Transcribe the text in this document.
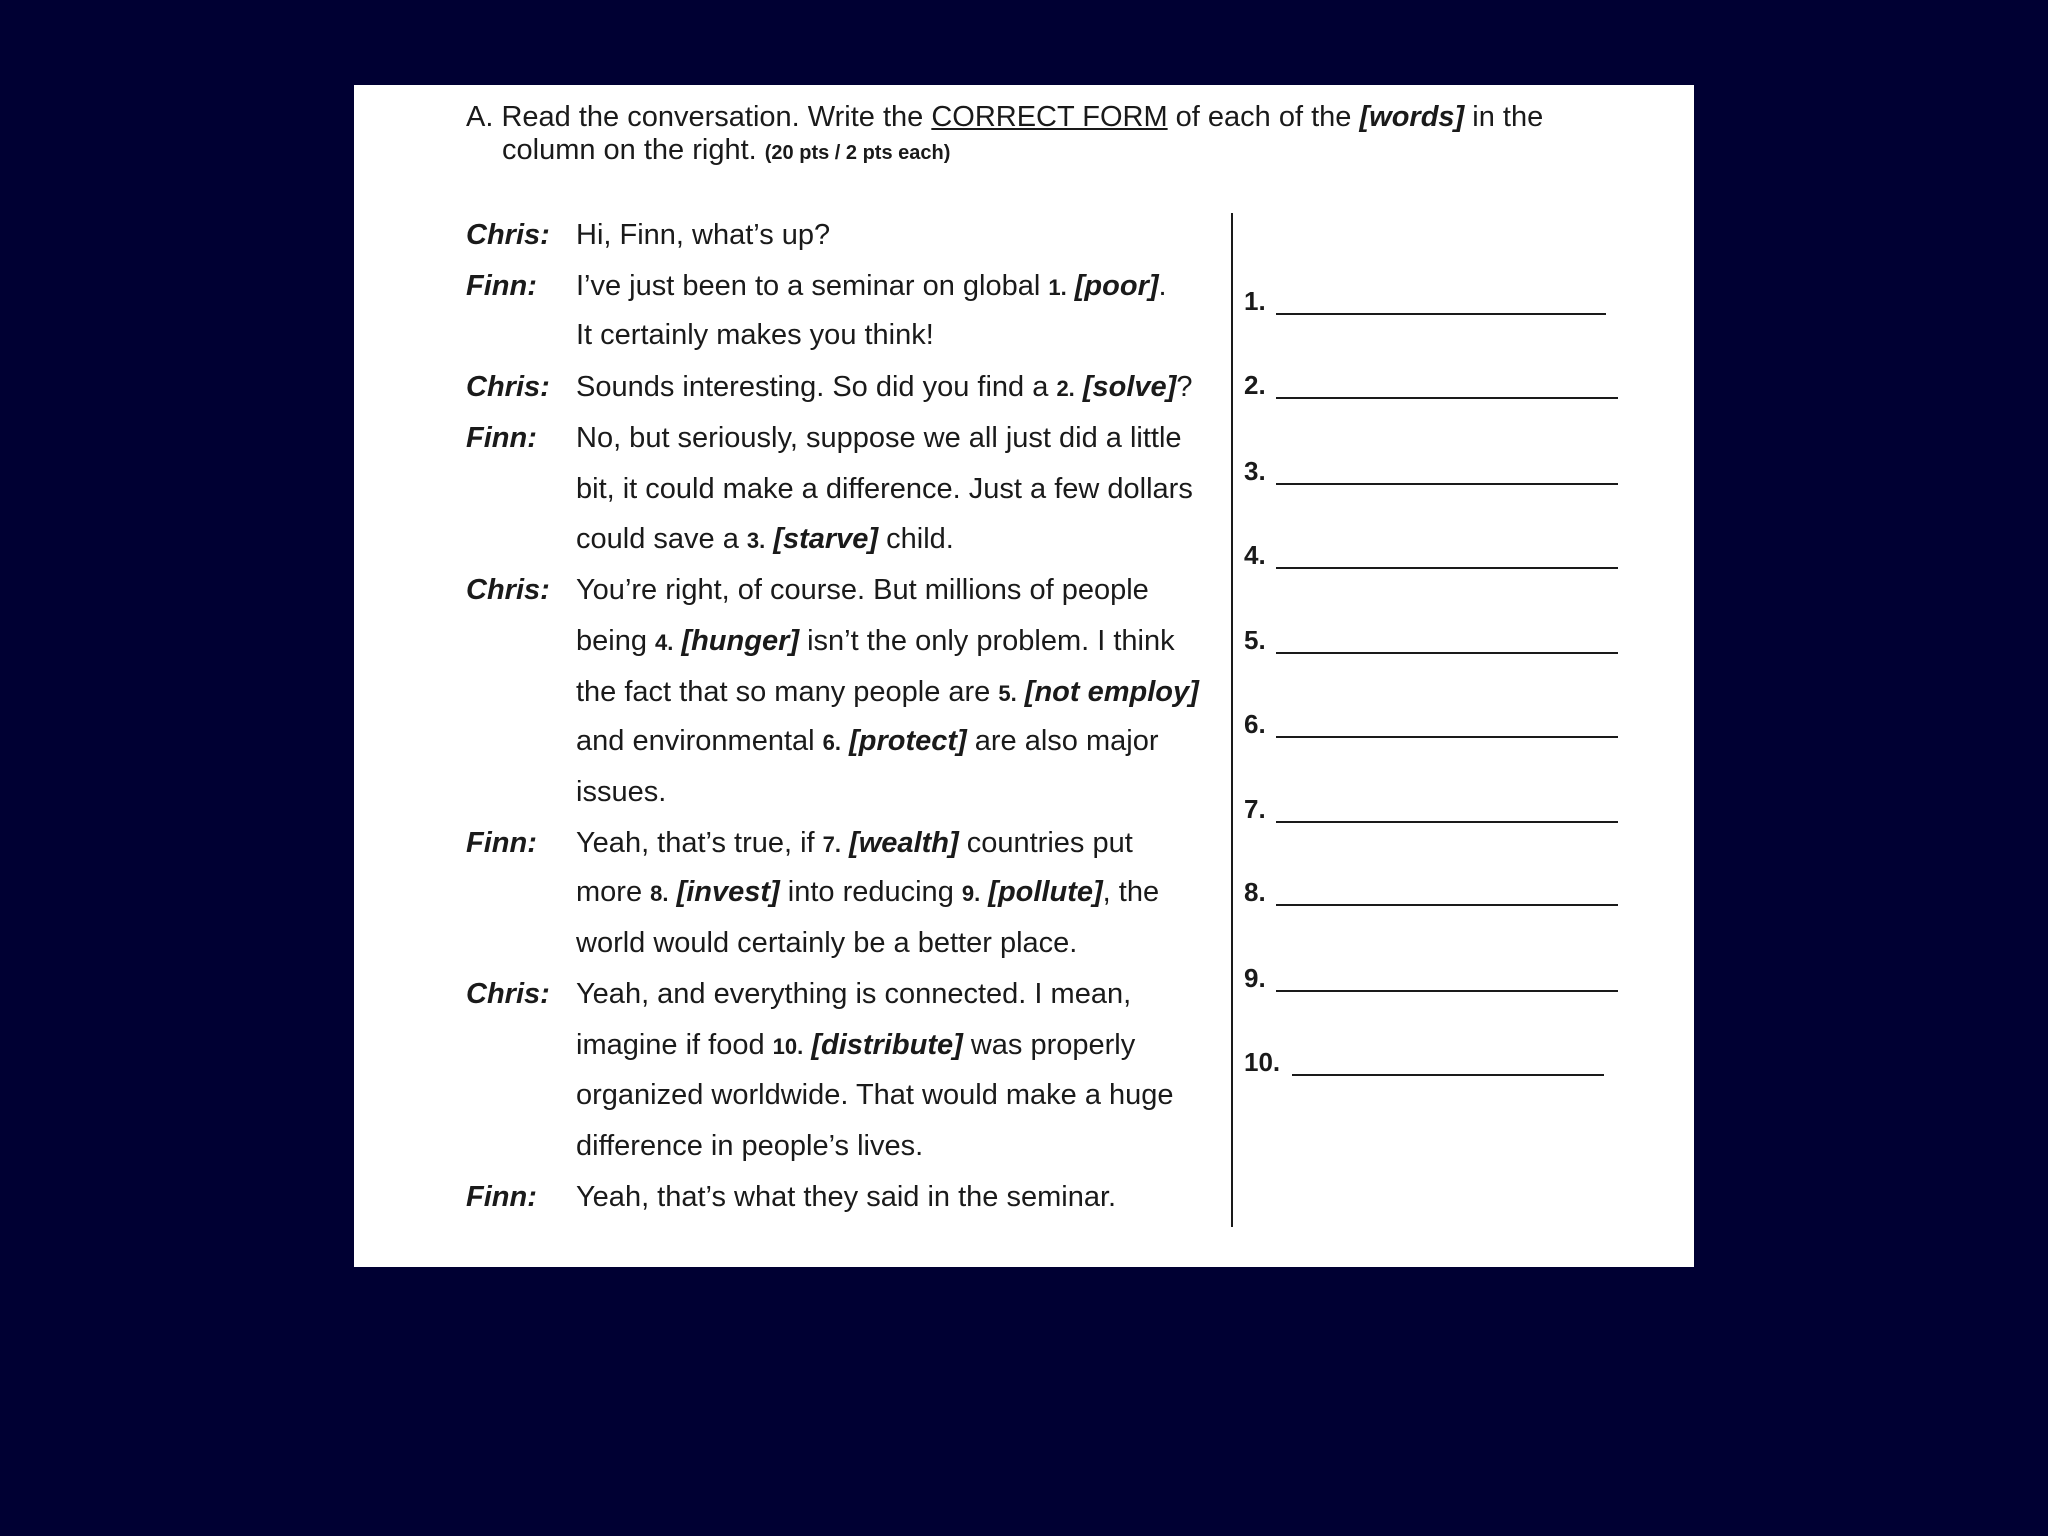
A. Read the conversation. Write the CORRECT FORM of each of the [words] in the
column on the right. (20 pts / 2 pts each)
Chris: Hi, Finn, what’s up?
Finn:	I’ve just been to a seminar on global 1. [poor].
It certainly makes you think!
Chris: Sounds interesting. So did you find a 2. [solve]?
Finn:	No, but seriously, suppose we all just did a little
bit, it could make a difference. Just a few dollars
could save a 3. [starve] child.
Chris: You’re right, of course. But millions of people
being 4. [hunger] isn’t the only problem. I think
the fact that so many people are 5. [not employ]
and environmental 6. [protect] are also major
issues.
Finn:	Yeah, that’s true, if 7. [wealth] countries put
more 8. [invest] into reducing 9. [pollute], the
world would certainly be a better place.
Chris: Yeah, and everything is connected. I mean,
imagine if food 10. [distribute] was properly
organized worldwide. That would make a huge
difference in people’s lives.
Finn:	Yeah, that’s what they said in the seminar.
1.
2.
3.
4.
5.
6.
7.
8.
9.
10.
